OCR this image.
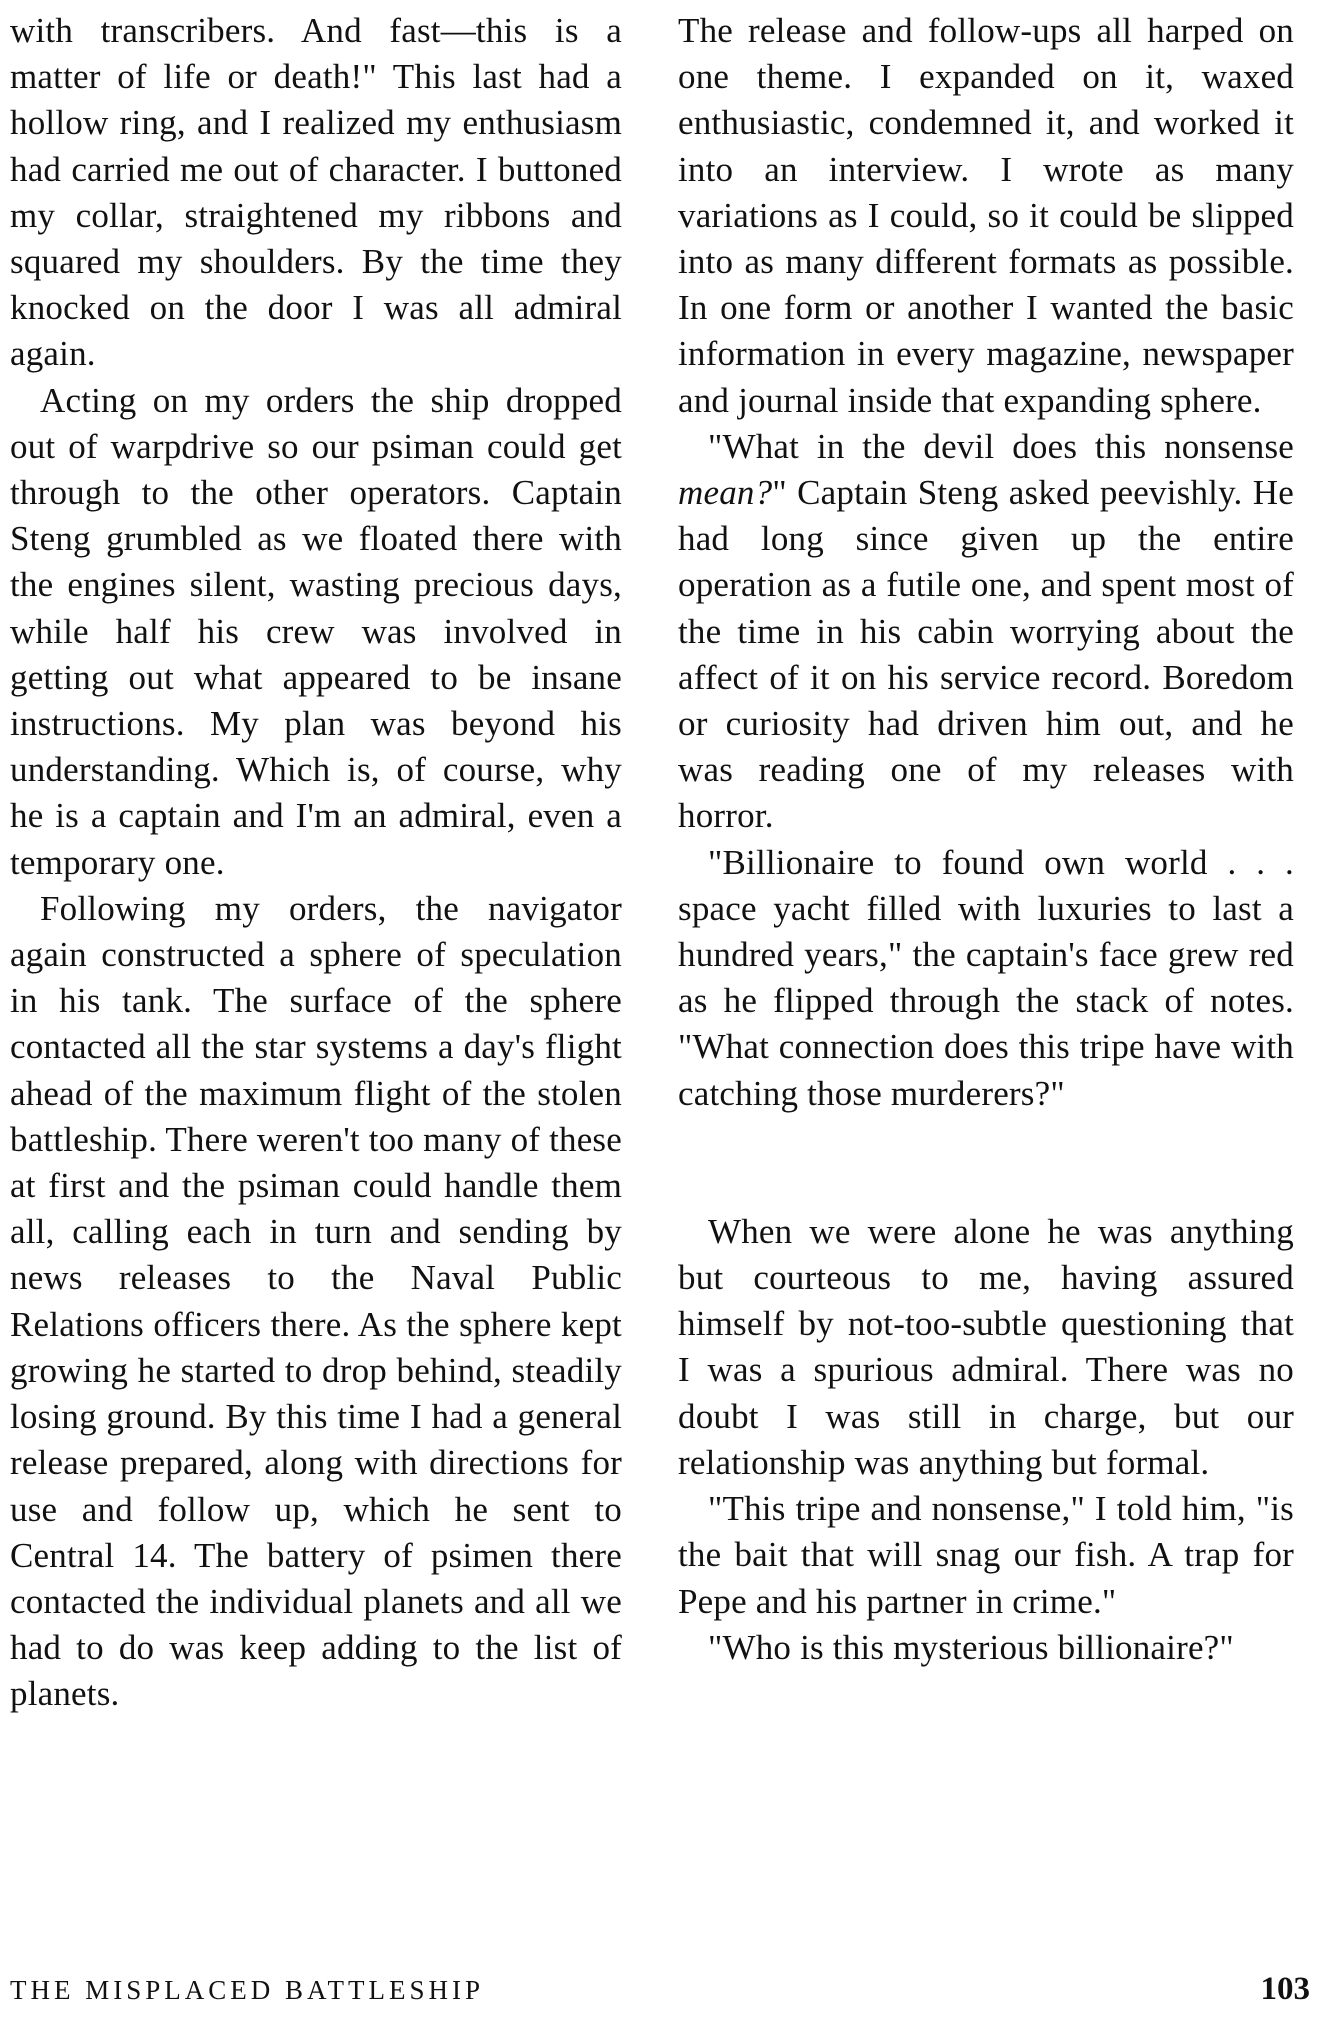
with transcribers. And fast—this is a matter of life or death!" This last had a hollow ring, and I realized my enthusiasm had carried me out of character. I buttoned my collar, straightened my ribbons and squared my shoulders. By the time they knocked on the door I was all admiral again.

Acting on my orders the ship dropped out of warpdrive so our psiman could get through to the other operators. Captain Steng grumbled as we floated there with the engines silent, wasting precious days, while half his crew was involved in getting out what appeared to be insane instructions. My plan was beyond his understanding. Which is, of course, why he is a captain and I'm an admiral, even a temporary one.

Following my orders, the navigator again constructed a sphere of speculation in his tank. The surface of the sphere contacted all the star systems a day's flight ahead of the maximum flight of the stolen battleship. There weren't too many of these at first and the psiman could handle them all, calling each in turn and sending by news releases to the Naval Public Relations officers there. As the sphere kept growing he started to drop behind, steadily losing ground. By this time I had a general release prepared, along with directions for use and follow up, which he sent to Central 14. The battery of psimen there contacted the individual planets and all we had to do was keep adding to the list of planets.

The release and follow-ups all harped on one theme. I expanded on it, waxed enthusiastic, condemned it, and worked it into an interview. I wrote as many variations as I could, so it could be slipped into as many different formats as possible. In one form or another I wanted the basic information in every magazine, newspaper and journal inside that expanding sphere.

"What in the devil does this nonsense mean?" Captain Steng asked peevishly. He had long since given up the entire operation as a futile one, and spent most of the time in his cabin worrying about the affect of it on his service record. Boredom or curiosity had driven him out, and he was reading one of my releases with horror.

"Billionaire to found own world . . . space yacht filled with luxuries to last a hundred years," the captain's face grew red as he flipped through the stack of notes. "What connection does this tripe have with catching those murderers?"

When we were alone he was anything but courteous to me, having assured himself by not-too-subtle questioning that I was a spurious admiral. There was no doubt I was still in charge, but our relationship was anything but formal.

"This tripe and nonsense," I told him, "is the bait that will snag our fish. A trap for Pepe and his partner in crime."

"Who is this mysterious billionaire?"

THE MISPLACED BATTLESHIP	103
